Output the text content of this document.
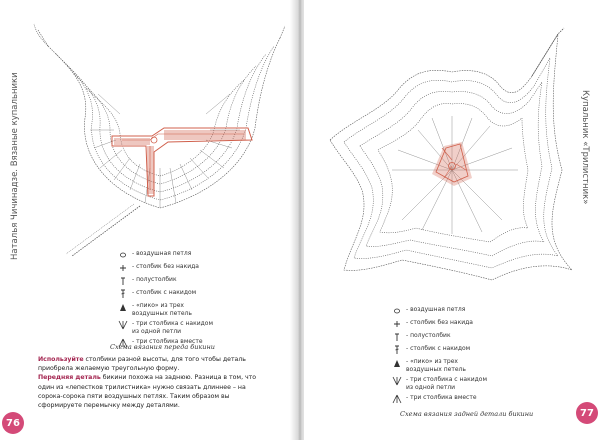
Наталья Чичинадзе. Вязаные купальники	- воздушная петля
- столбик без накида
- полустолбик
- столбик с накидом
- «пико» из трех
воздушных петель
- три столбика с накидом
из одной петли
- три столбика вместе
Схема вязания переда бикини
Используйте столбики разной высоты, для того чтобы деталь приобрела желаемую треугольную форму.
Передняя деталь бикини похожа на заднюю. Разница в том, что один из «лепестков трилистника» нужно связать длиннее – на сорока-сорока пяти воздушных петлях. Таким образом вы сформируете перемычку между деталями.
76
Купальник «Трилистник»
- воздушная петля
- столбик без накида
- полустолбик
- столбик с накидом
- «пико» из трех
воздушных петель
- три столбика с накидом
из одной петли
- три столбика вместе
Схема вязания задней детали бикини	77
